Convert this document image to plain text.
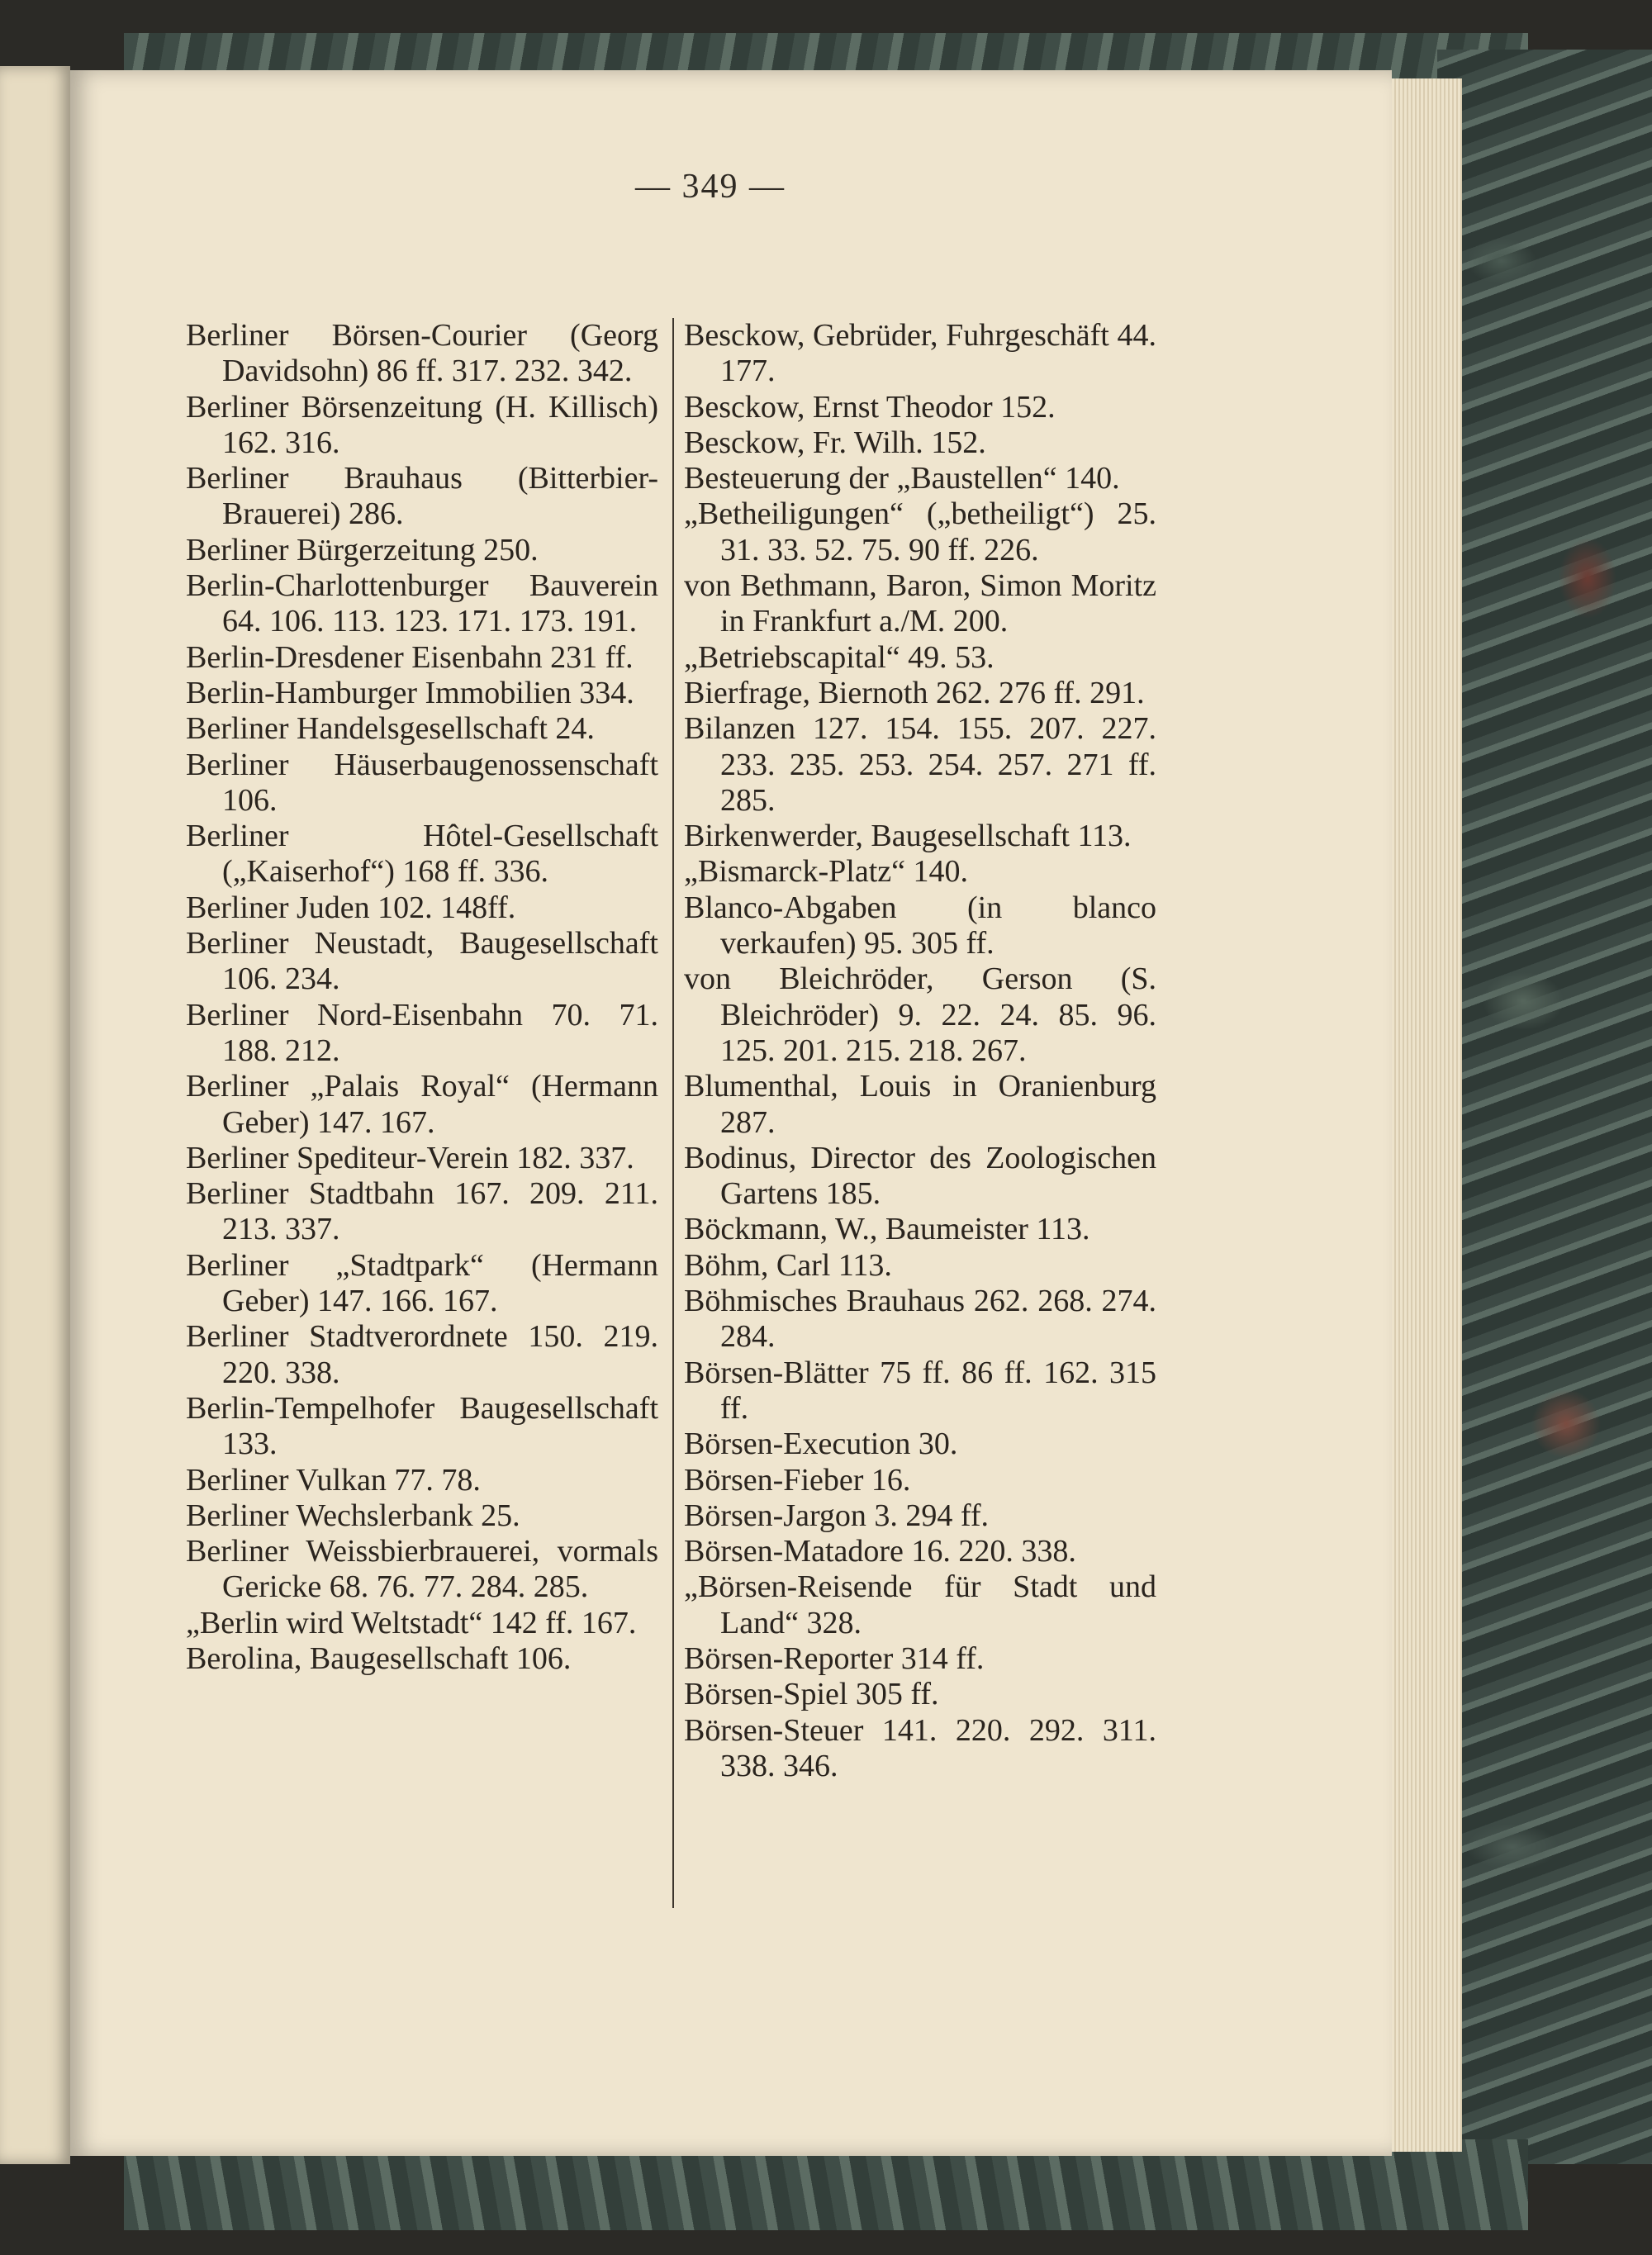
— 349 —

Berliner Börsen-Courier (Georg Davidsohn) 86 ff. 317. 232. 342.

Berliner Börsenzeitung (H. Killisch) 162. 316.

Berliner Brauhaus (Bitterbier-Brauerei) 286.

Berliner Bürgerzeitung 250.

Berlin-Charlottenburger Bauverein 64. 106. 113. 123. 171. 173. 191.

Berlin-Dresdener Eisenbahn 231 ff.

Berlin-Hamburger Immobilien 334.

Berliner Handelsgesellschaft 24.

Berliner Häuserbaugenossenschaft 106.

Berliner Hôtel-Gesellschaft („Kaiserhof“) 168 ff. 336.

Berliner Juden 102. 148ff.

Berliner Neustadt, Baugesellschaft 106. 234.

Berliner Nord-Eisenbahn 70. 71. 188. 212.

Berliner „Palais Royal“ (Hermann Geber) 147. 167.

Berliner Spediteur-Verein 182. 337.

Berliner Stadtbahn 167. 209. 211. 213. 337.

Berliner „Stadtpark“ (Hermann Geber) 147. 166. 167.

Berliner Stadtverordnete 150. 219. 220. 338.

Berlin-Tempelhofer Baugesellschaft 133.

Berliner Vulkan 77. 78.

Berliner Wechslerbank 25.

Berliner Weissbierbrauerei, vormals Gericke 68. 76. 77. 284. 285.

„Berlin wird Weltstadt“ 142 ff. 167.

Berolina, Baugesellschaft 106.

Besckow, Gebrüder, Fuhrgeschäft 44. 177.

Besckow, Ernst Theodor 152.

Besckow, Fr. Wilh. 152.

Besteuerung der „Baustellen“ 140.

„Betheiligungen“ („betheiligt“) 25. 31. 33. 52. 75. 90 ff. 226.

von Bethmann, Baron, Simon Moritz in Frankfurt a./M. 200.

„Betriebscapital“ 49. 53.

Bierfrage, Biernoth 262. 276 ff. 291.

Bilanzen 127. 154. 155. 207. 227. 233. 235. 253. 254. 257. 271 ff. 285.

Birkenwerder, Baugesellschaft 113.

„Bismarck-Platz“ 140.

Blanco-Abgaben (in blanco verkaufen) 95. 305 ff.

von Bleichröder, Gerson (S. Bleichröder) 9. 22. 24. 85. 96. 125. 201. 215. 218. 267.

Blumenthal, Louis in Oranienburg 287.

Bodinus, Director des Zoologischen Gartens 185.

Böckmann, W., Baumeister 113.

Böhm, Carl 113.

Böhmisches Brauhaus 262. 268. 274. 284.

Börsen-Blätter 75 ff. 86 ff. 162. 315 ff.

Börsen-Execution 30.

Börsen-Fieber 16.

Börsen-Jargon 3. 294 ff.

Börsen-Matadore 16. 220. 338.

„Börsen-Reisende für Stadt und Land“ 328.

Börsen-Reporter 314 ff.

Börsen-Spiel 305 ff.

Börsen-Steuer 141. 220. 292. 311. 338. 346.
